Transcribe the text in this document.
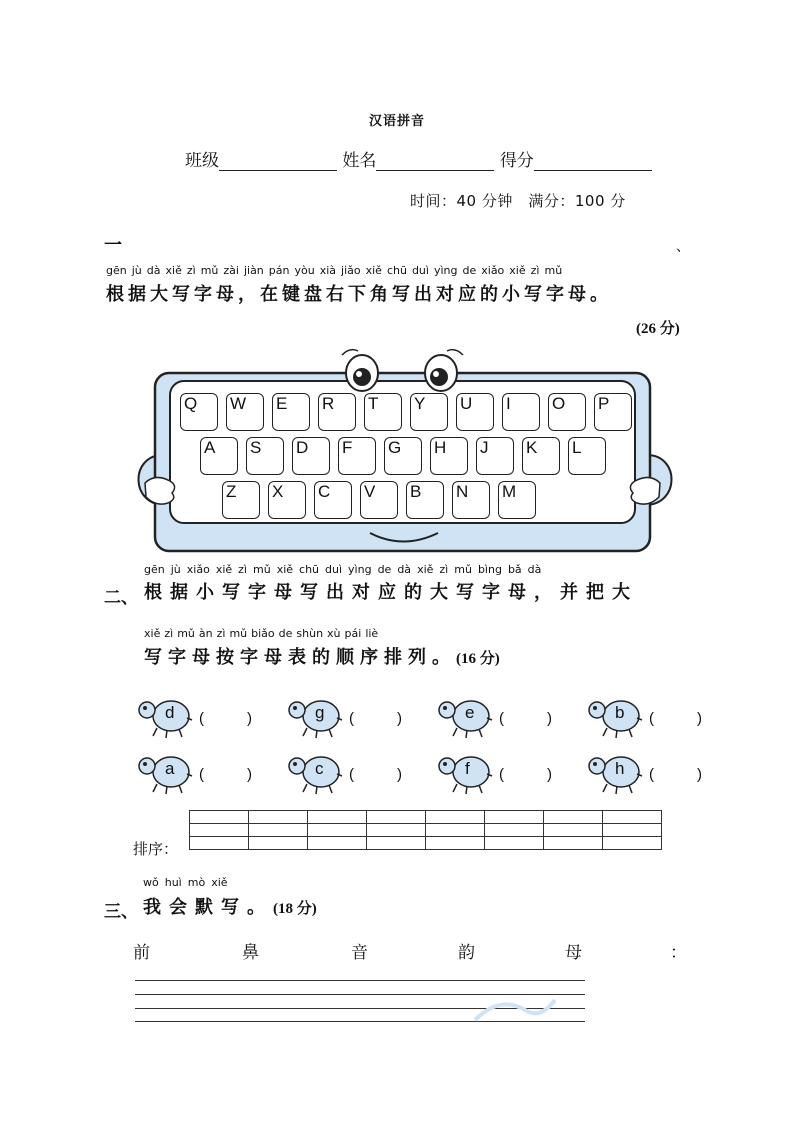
汉语拼音
班级	姓名	得分
时间：40 分钟　满分：100 分
一	、
gēn jù dà xiě zì mǔ zài jiàn pán yòu xià jiǎo xiě chū duì yìng de xiǎo xiě zì mǔ
根 据 大 写 字 母 ， 在 键 盘 右 下 角 写 出 对 应 的 小 写 字 母 。
(26 分)
Q W E R T Y U I O P
A S D F G H J K L
Z X C V B N M
gēn jù xiǎo xiě zì mǔ xiě chū duì yìng de dà xiě zì mǔ bìng bǎ dà
二、 根 据 小 写 字 母 写 出 对 应 的 大 写 字 母 ， 并 把 大
xiě zì mǔ àn zì mǔ biǎo de shùn xù pái liè
写 字 母 按 字 母 表 的 顺 序 排 列 。 (16 分)
d (	)	g (	)	e (	)	b (	)
a (	)	c (	)	f (	)	h (	)
排序：

wǒ huì mò xiě
三、 我 会 默 写 。 (18 分)
前	鼻	音	韵	母	：
